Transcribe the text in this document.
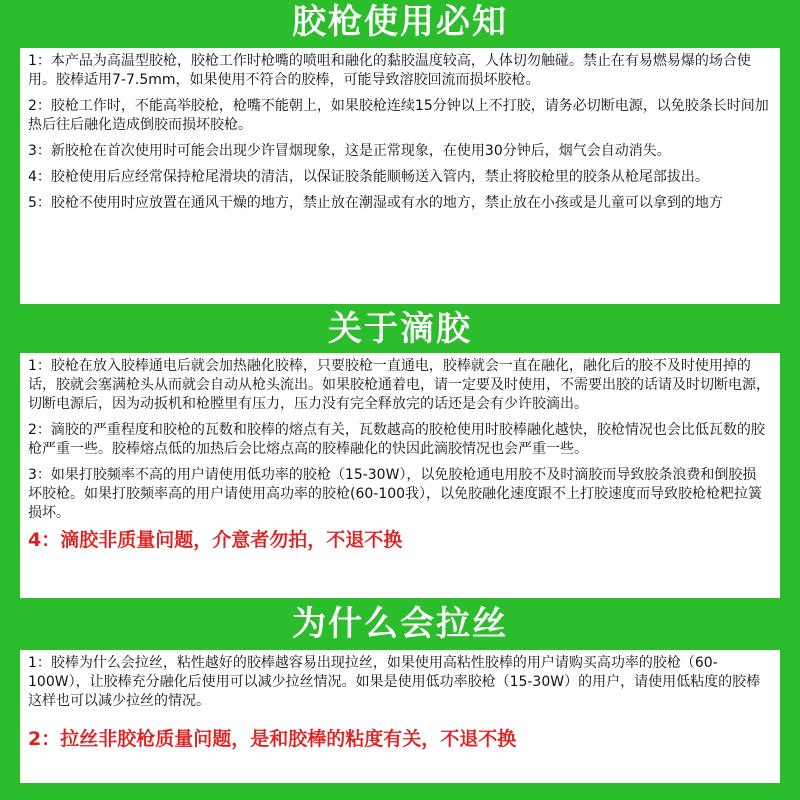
胶枪使用必知

1：本产品为高温型胶枪，胶枪工作时枪嘴的喷咀和融化的黏胶温度较高，人体切勿触碰。禁止在有易燃易爆的场合使用。胶棒适用7-7.5mm，如果使用不符合的胶棒，可能导致溶胶回流而损坏胶枪。

2：胶枪工作时，不能高举胶枪，枪嘴不能朝上，如果胶枪连续15分钟以上不打胶，请务必切断电源，以免胶条长时间加热后往后融化造成倒胶而损坏胶枪。

3：新胶枪在首次使用时可能会出现少许冒烟现象，这是正常现象，在使用30分钟后，烟气会自动消失。

4：胶枪使用后应经常保持枪尾滑块的清洁，以保证胶条能顺畅送入管内，禁止将胶枪里的胶条从枪尾部拔出。

5：胶枪不使用时应放置在通风干燥的地方，禁止放在潮湿或有水的地方，禁止放在小孩或是儿童可以拿到的地方

关于滴胶

1：胶枪在放入胶棒通电后就会加热融化胶棒，只要胶枪一直通电，胶棒就会一直在融化，融化后的胶不及时使用掉的话，胶就会塞满枪头从而就会自动从枪头流出。如果胶枪通着电，请一定要及时使用，不需要出胶的话请及时切断电源，切断电源后，因为动扳机和枪膛里有压力，压力没有完全释放完的话还是会有少许胶滴出。

2：滴胶的严重程度和胶枪的瓦数和胶棒的熔点有关，瓦数越高的胶枪使用时胶棒融化越快，胶枪情况也会比低瓦数的胶枪严重一些。胶棒熔点低的加热后会比熔点高的胶棒融化的快因此滴胶情况也会严重一些。

3：如果打胶频率不高的用户请使用低功率的胶枪（15-30W），以免胶枪通电用胶不及时滴胶而导致胶条浪费和倒胶损坏胶枪。如果打胶频率高的用户请使用高功率的胶枪(60-100我），以免胶融化速度跟不上打胶速度而导致胶枪枪粑拉簧损坏。

4：滴胶非质量问题，介意者勿拍，不退不换

为什么会拉丝

1：胶棒为什么会拉丝，粘性越好的胶棒越容易出现拉丝，如果使用高粘性胶棒的用户请购买高功率的胶枪（60-100W），让胶棒充分融化后使用可以减少拉丝情况。如果是使用低功率胶枪（15-30W）的用户，请使用低粘度的胶棒这样也可以减少拉丝的情况。

2：拉丝非胶枪质量问题，是和胶棒的粘度有关，不退不换
